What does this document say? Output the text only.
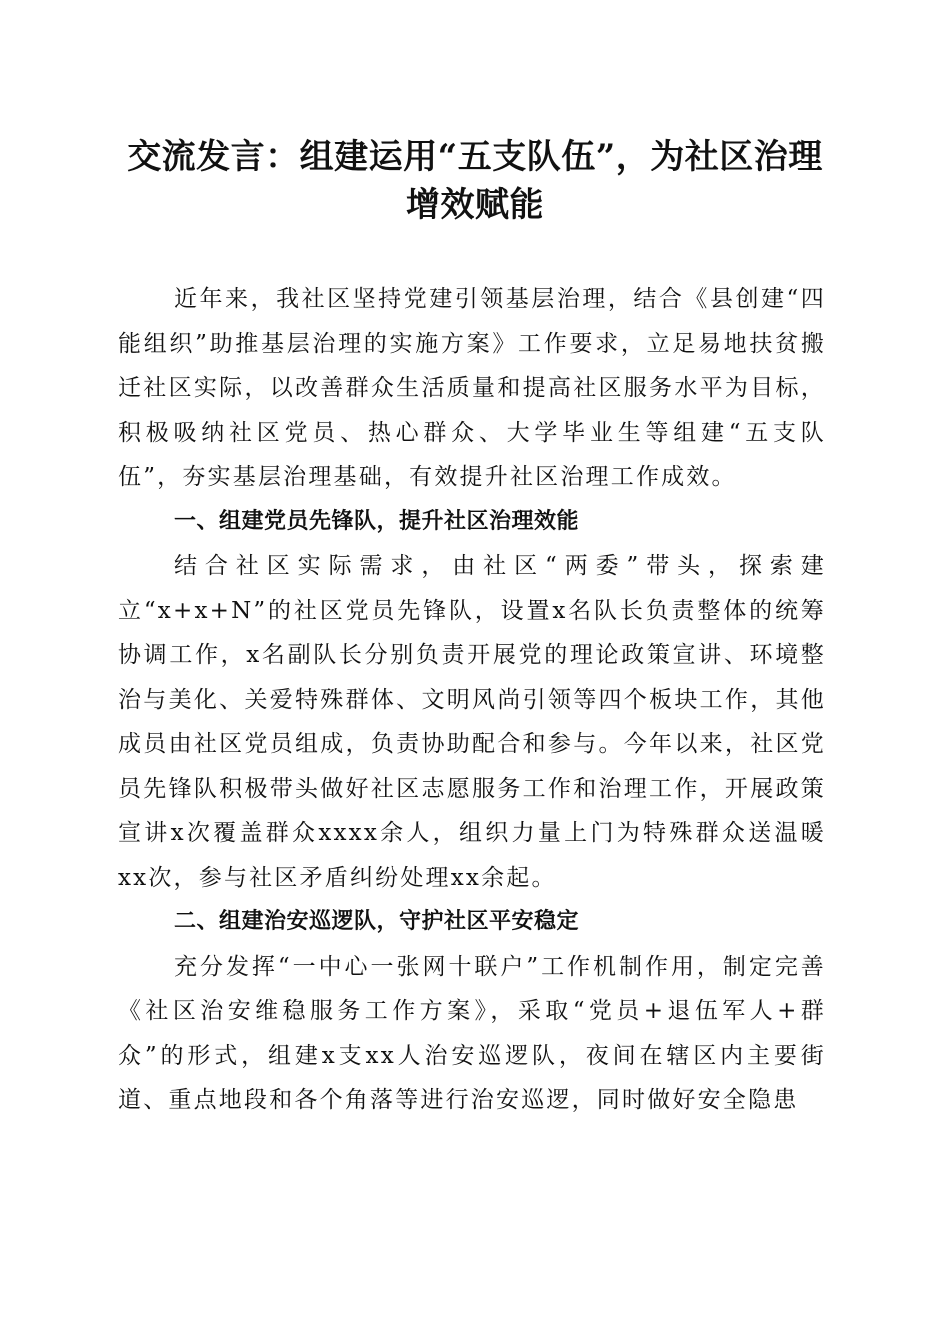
交流发言：组建运用“五支队伍”，为社区治理增效赋能

近年来，我社区坚持党建引领基层治理，结合《县创建“四能组织”助推基层治理的实施方案》工作要求，立足易地扶贫搬迁社区实际，以改善群众生活质量和提高社区服务水平为目标，积极吸纳社区党员、热心群众、大学毕业生等组建“五支队伍”，夯实基层治理基础，有效提升社区治理工作成效。

一、组建党员先锋队，提升社区治理效能

结合社区实际需求，由社区“两委”带头，探索建立“x+x+N”的社区党员先锋队，设置x名队长负责整体的统筹协调工作，x名副队长分别负责开展党的理论政策宣讲、环境整治与美化、关爱特殊群体、文明风尚引领等四个板块工作，其他成员由社区党员组成，负责协助配合和参与。今年以来，社区党员先锋队积极带头做好社区志愿服务工作和治理工作，开展政策宣讲x次覆盖群众xxxx余人，组织力量上门为特殊群众送温暖xx次，参与社区矛盾纠纷处理xx余起。

二、组建治安巡逻队，守护社区平安稳定

充分发挥“一中心一张网十联户”工作机制作用，制定完善《社区治安维稳服务工作方案》，采取“党员+退伍军人+群众”的形式，组建x支xx人治安巡逻队，夜间在辖区内主要街道、重点地段和各个角落等进行治安巡逻，同时做好安全隐患
